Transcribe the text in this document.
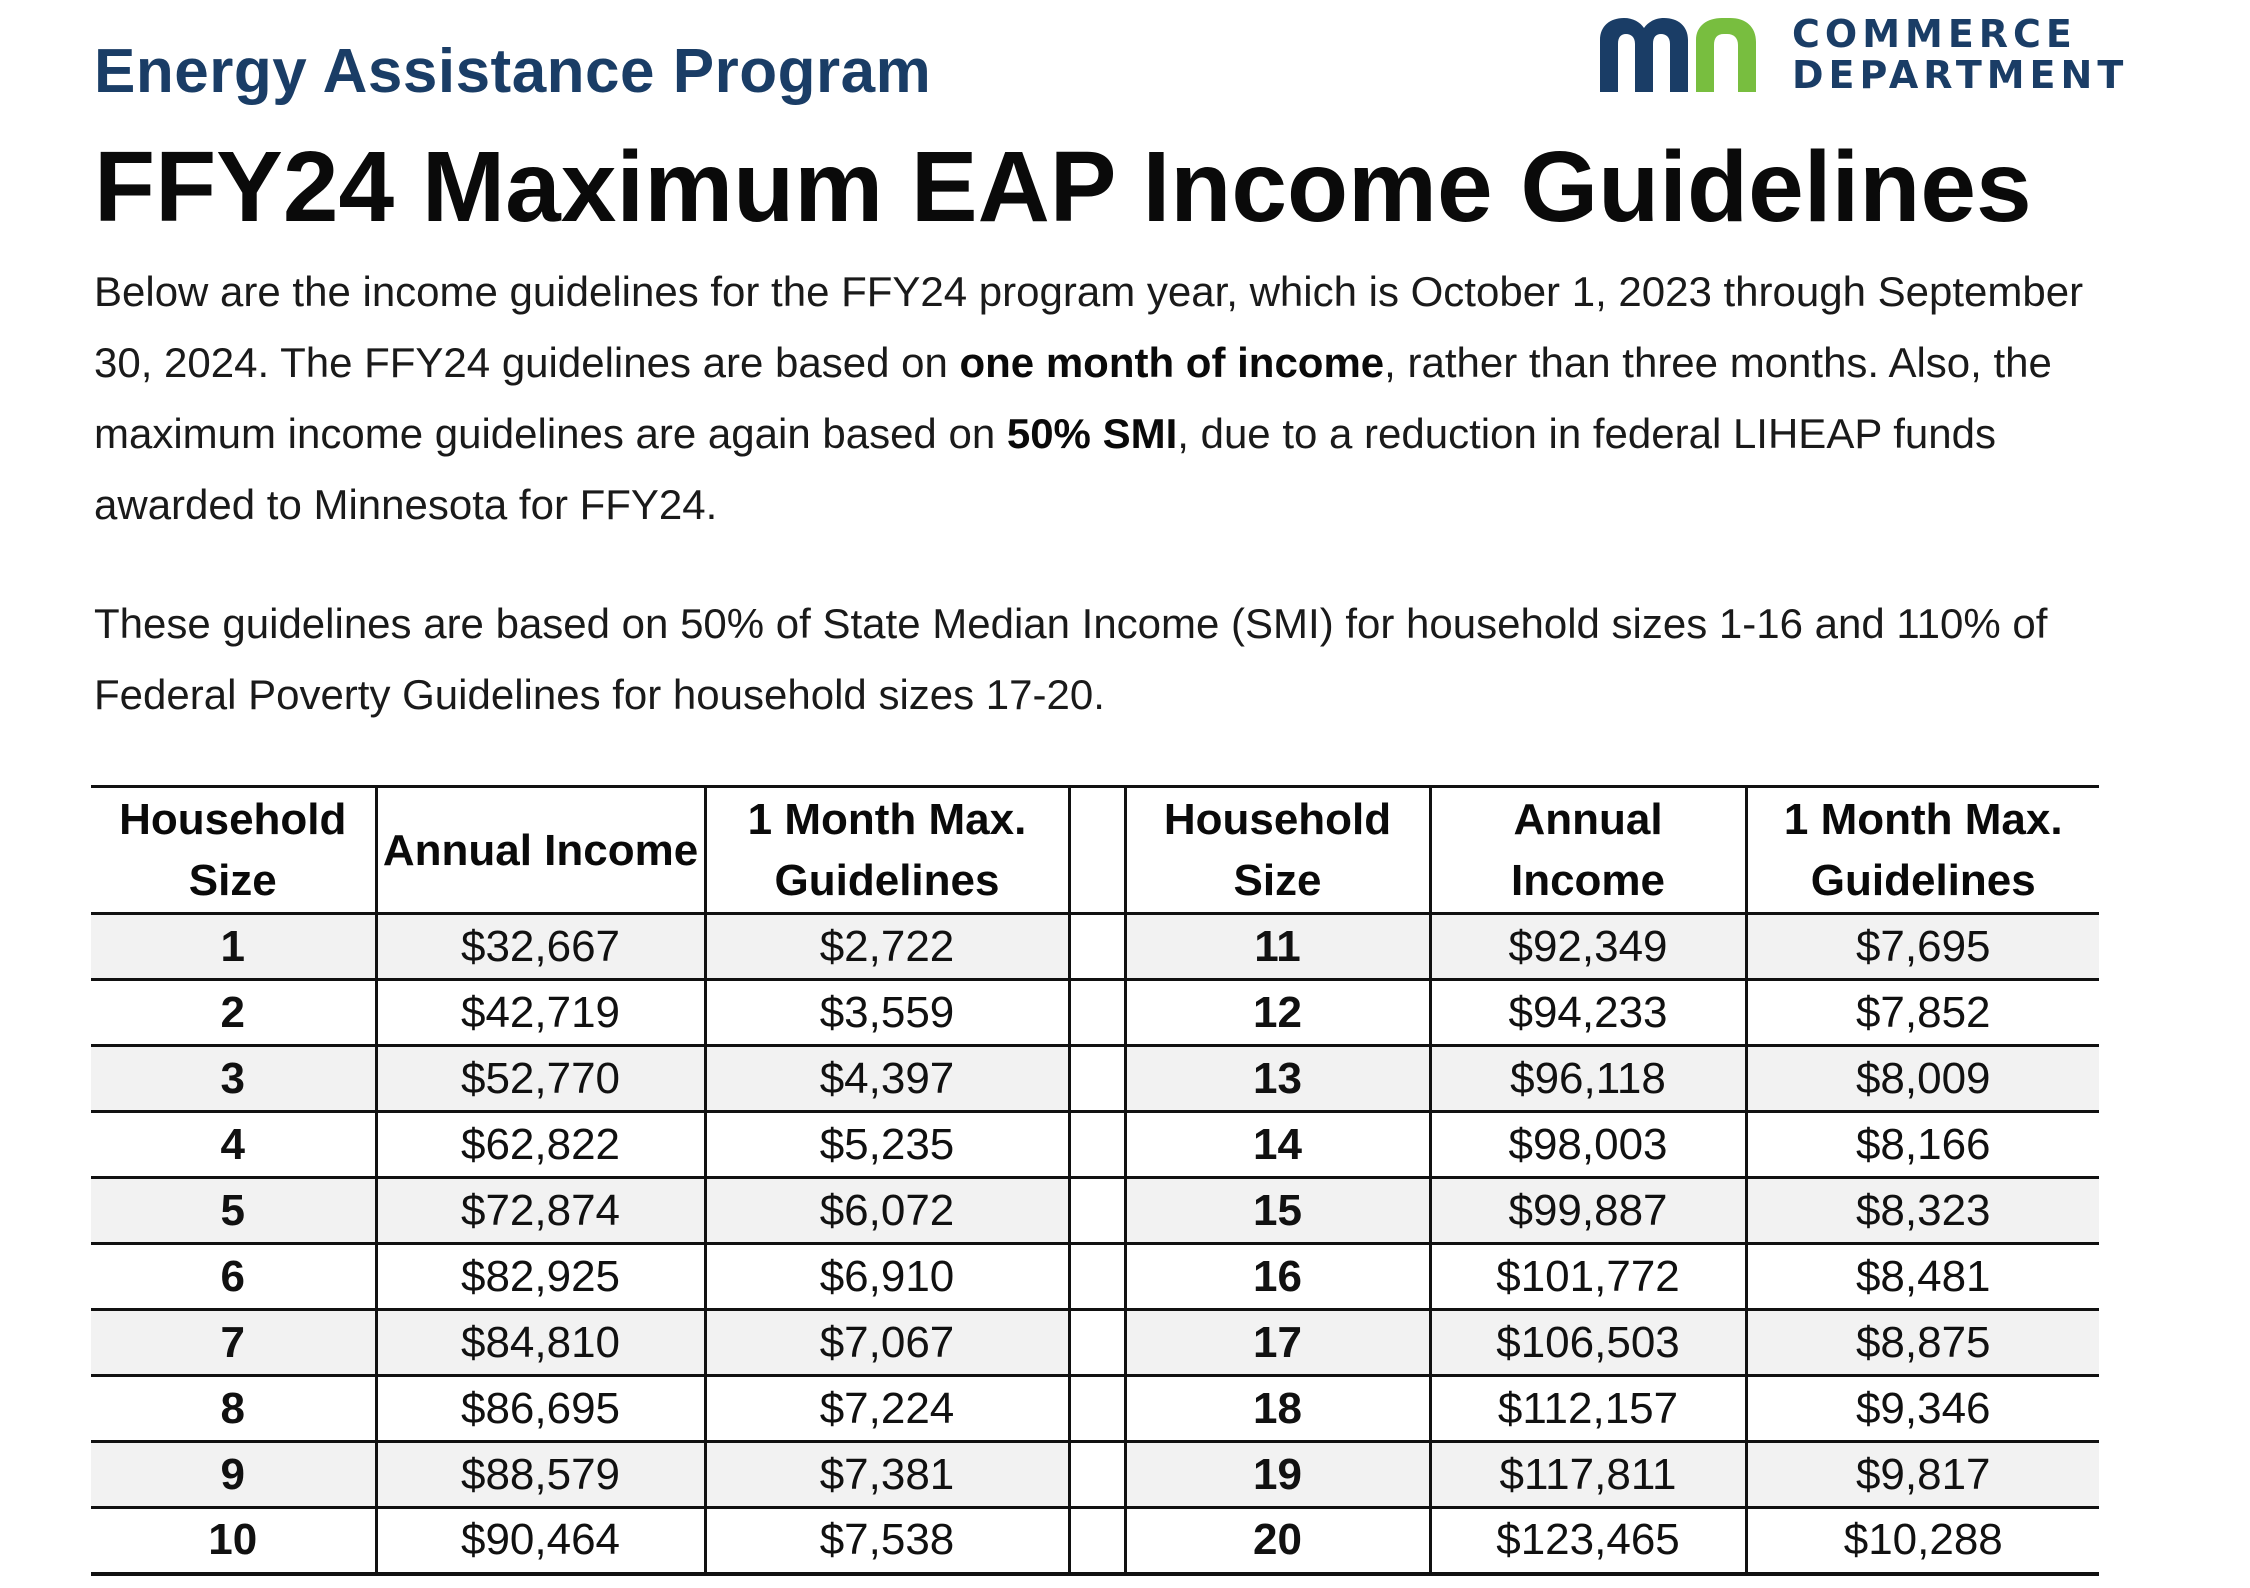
Energy Assistance Program
COMMERCE
DEPARTMENT
FFY24 Maximum EAP Income Guidelines
Below are the income guidelines for the FFY24 program year, which is October 1, 2023 through September 30, 2024. The FFY24 guidelines are based on one month of income, rather than three months. Also, the maximum income guidelines are again based on 50% SMI, due to a reduction in federal LIHEAP funds awarded to Minnesota for FFY24.
These guidelines are based on 50% of State Median Income (SMI) for household sizes 1-16 and 110% of Federal Poverty Guidelines for household sizes 17-20.
Household Size	Annual Income	1 Month Max. Guidelines		Household Size	Annual Income	1 Month Max. Guidelines
1	$32,667	$2,722		11	$92,349	$7,695
2	$42,719	$3,559		12	$94,233	$7,852
3	$52,770	$4,397		13	$96,118	$8,009
4	$62,822	$5,235		14	$98,003	$8,166
5	$72,874	$6,072		15	$99,887	$8,323
6	$82,925	$6,910		16	$101,772	$8,481
7	$84,810	$7,067		17	$106,503	$8,875
8	$86,695	$7,224		18	$112,157	$9,346
9	$88,579	$7,381		19	$117,811	$9,817
10	$90,464	$7,538		20	$123,465	$10,288
